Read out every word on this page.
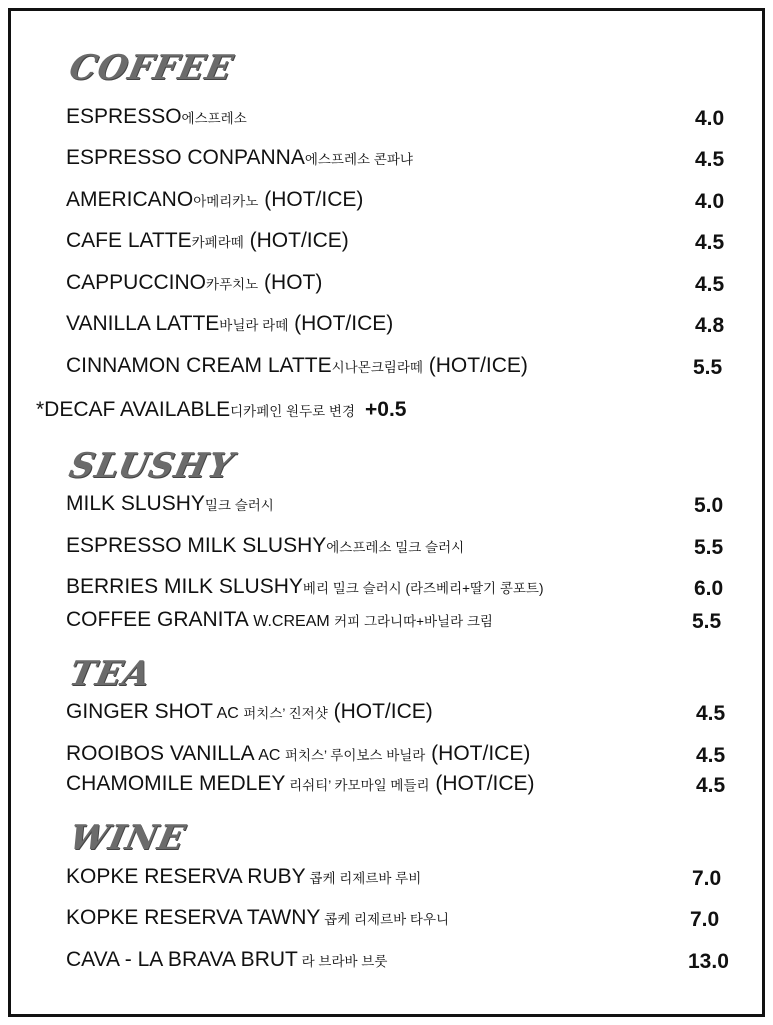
COFFEE
ESPRESSO에스프레소	4.0
ESPRESSO CONPANNA에스프레소 콘파냐	4.5
AMERICANO아메리카노 (HOT/ICE)	4.0
CAFE LATTE카페라떼 (HOT/ICE)	4.5
CAPPUCCINO카푸치노 (HOT)	4.5
VANILLA LATTE바닐라 라떼 (HOT/ICE)	4.8
CINNAMON CREAM LATTE시나몬크림라떼 (HOT/ICE)	5.5
*DECAF AVAILABLE디카페인 원두로 변경 +0.5
SLUSHY
MILK SLUSHY밀크 슬러시	5.0
ESPRESSO MILK SLUSHY에스프레소 밀크 슬러시	5.5
BERRIES MILK SLUSHY베리 밀크 슬러시 (라즈베리+딸기 콩포트)	6.0
COFFEE GRANITA W.CREAM 커피 그라니따+바닐라 크림	5.5
TEA
GINGER SHOT AC 퍼치스’ 진저샷 (HOT/ICE)	4.5
ROOIBOS VANILLA AC 퍼치스’ 루이보스 바닐라 (HOT/ICE)	4.5
CHAMOMILE MEDLEY 리쉬티’ 카모마일 메들리 (HOT/ICE)	4.5
WINE
KOPKE RESERVA RUBY 콥케 리제르바 루비	7.0
KOPKE RESERVA TAWNY 콥케 리제르바 타우니	7.0
CAVA - LA BRAVA BRUT 라 브라바 브룻	13.0
